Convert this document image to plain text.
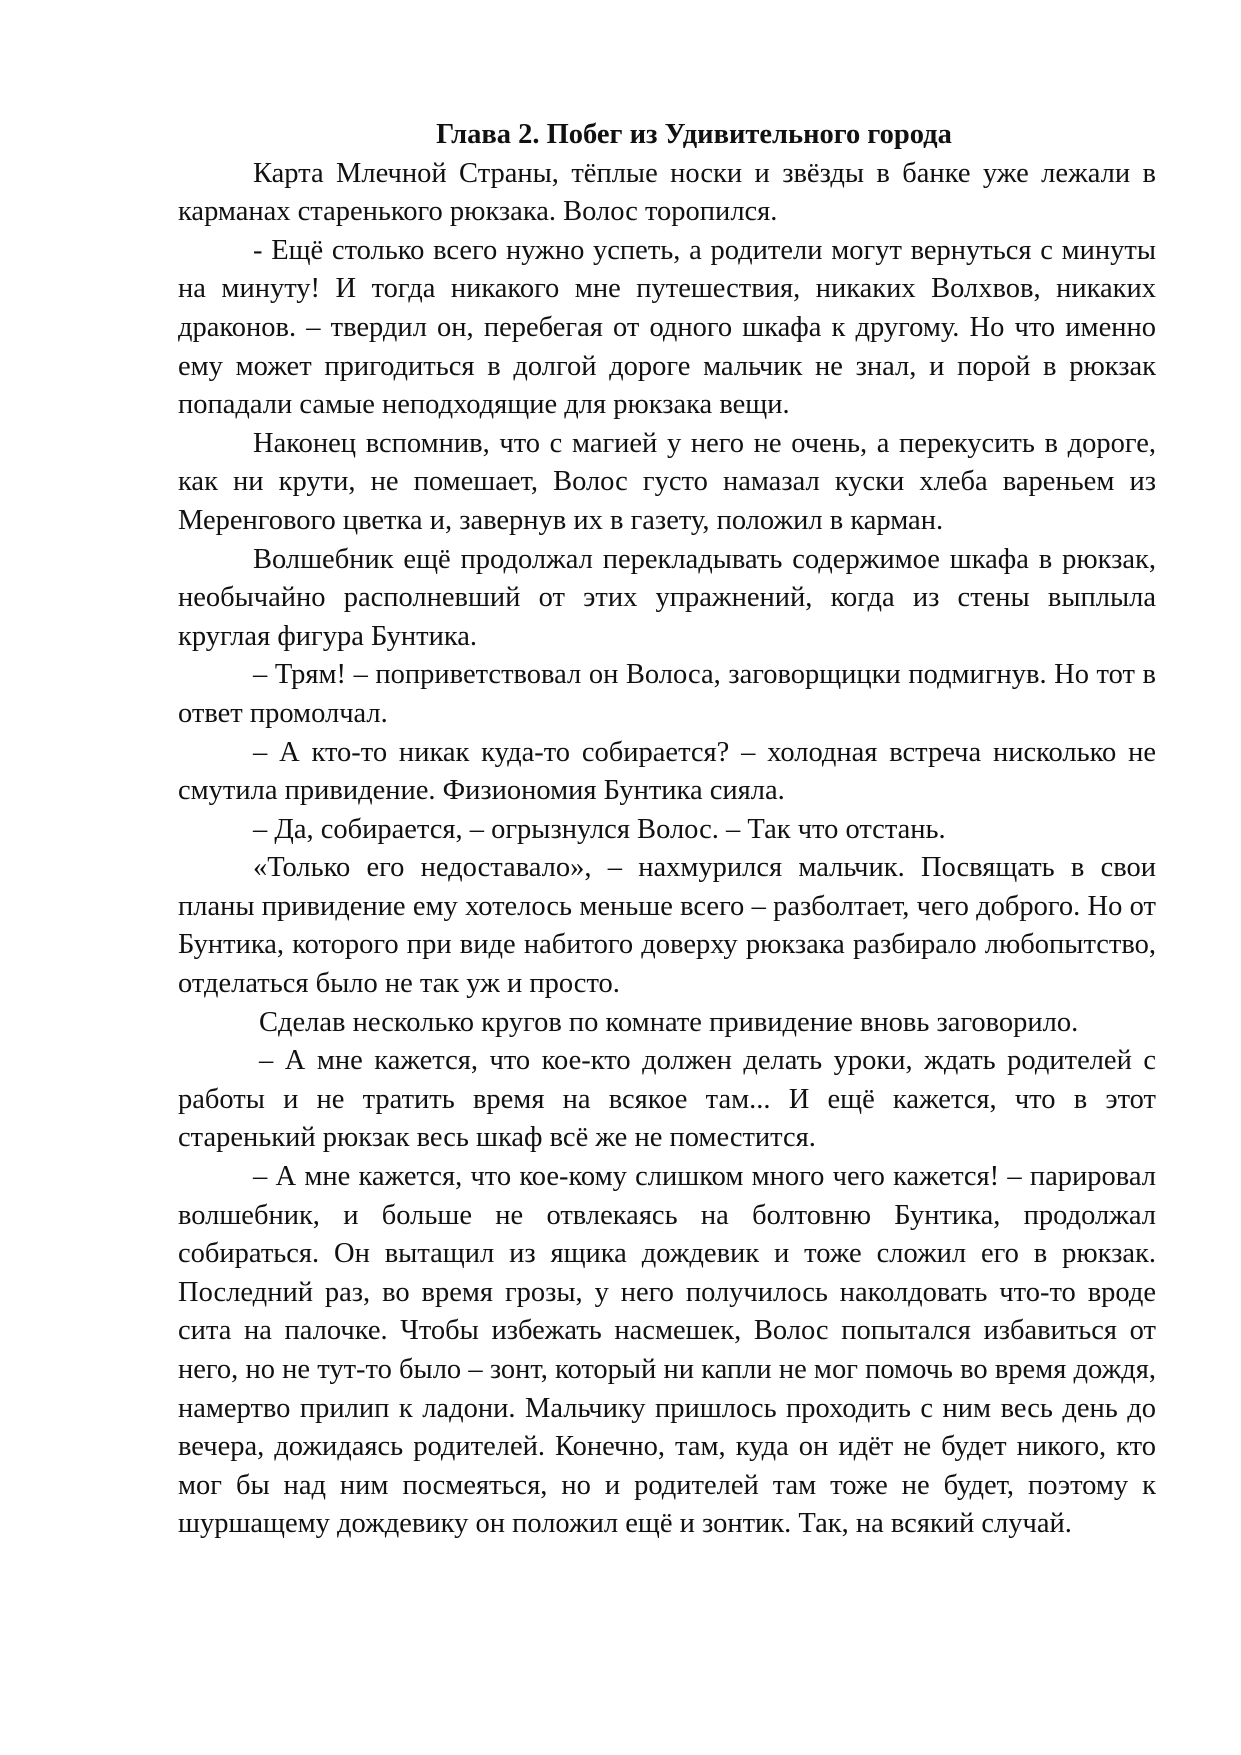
Глава 2. Побег из Удивительного города

Карта Млечной Страны, тёплые носки и звёзды в банке уже лежали в карманах старенького рюкзака. Волос торопился.

- Ещё столько всего нужно успеть, а родители могут вернуться с минуты на минуту! И тогда никакого мне путешествия, никаких Волхвов, никаких драконов. – твердил он, перебегая от одного шкафа к другому. Но что именно ему может пригодиться в долгой дороге мальчик не знал, и порой в рюкзак попадали самые неподходящие для рюкзака вещи.

Наконец вспомнив, что с магией у него не очень, а перекусить в дороге, как ни крути, не помешает, Волос густо намазал куски хлеба вареньем из Меренгового цветка и, завернув их в газету, положил в карман.

Волшебник ещё продолжал перекладывать содержимое шкафа в рюкзак, необычайно располневший от этих упражнений, когда из стены выплыла круглая фигура Бунтика.

– Трям! – поприветствовал он Волоса, заговорщицки подмигнув. Но тот в ответ промолчал.

– А кто-то никак куда-то собирается? – холодная встреча нисколько не смутила привидение. Физиономия Бунтика сияла.

– Да, собирается, – огрызнулся Волос. – Так что отстань.

«Только его недоставало», – нахмурился мальчик. Посвящать в свои планы привидение ему хотелось меньше всего – разболтает, чего доброго. Но от Бунтика, которого при виде набитого доверху рюкзака разбирало любопытство, отделаться было не так уж и просто.

Сделав несколько кругов по комнате привидение вновь заговорило.

– А мне кажется, что кое-кто должен делать уроки, ждать родителей с работы и не тратить время на всякое там... И ещё кажется, что в этот старенький рюкзак весь шкаф всё же не поместится.

– А мне кажется, что кое-кому слишком много чего кажется! – парировал волшебник, и больше не отвлекаясь на болтовню Бунтика, продолжал собираться. Он вытащил из ящика дождевик и тоже сложил его в рюкзак. Последний раз, во время грозы, у него получилось наколдовать что-то вроде сита на палочке. Чтобы избежать насмешек, Волос попытался избавиться от него, но не тут-то было – зонт, который ни капли не мог помочь во время дождя, намертво прилип к ладони. Мальчику пришлось проходить с ним весь день до вечера, дожидаясь родителей. Конечно, там, куда он идёт не будет никого, кто мог бы над ним посмеяться, но и родителей там тоже не будет, поэтому к шуршащему дождевику он положил ещё и зонтик. Так, на всякий случай.
